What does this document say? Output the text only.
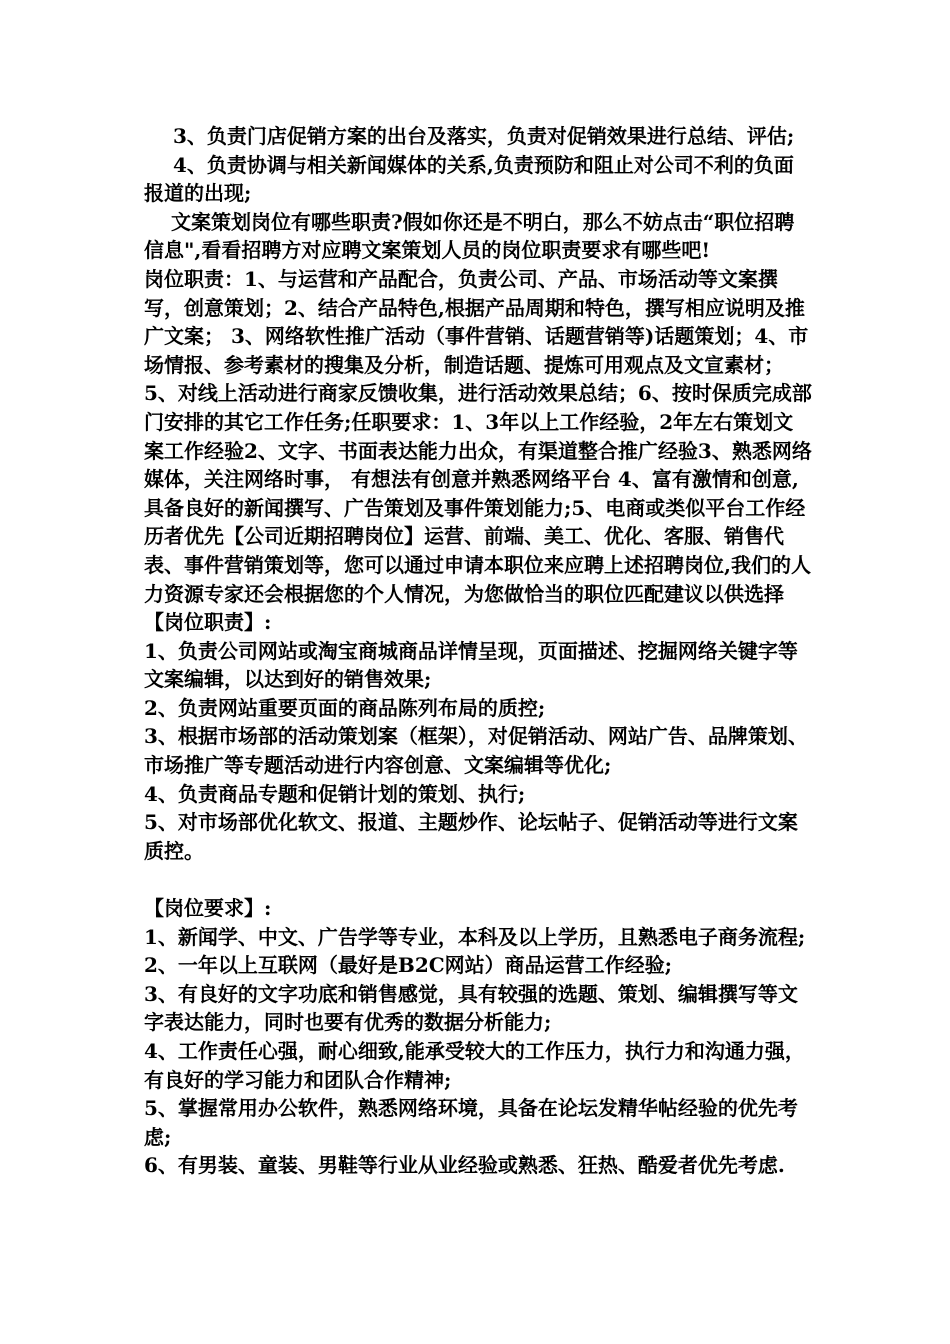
3、负责门店促销方案的出台及落实，负责对促销效果进行总结、评估;

4、负责协调与相关新闻媒体的关系,负责预防和阻止对公司不利的负面报道的出现;

文案策划岗位有哪些职责?假如你还是不明白，那么不妨点击“职位招聘信息",看看招聘方对应聘文案策划人员的岗位职责要求有哪些吧!

岗位职责：1、与运营和产品配合，负责公司、产品、市场活动等文案撰写，创意策划；2、结合产品特色,根据产品周期和特色，撰写相应说明及推广文案； 3、网络软性推广活动（事件营销、话题营销等)话题策划；4、市场情报、参考素材的搜集及分析，制造话题、提炼可用观点及文宣素材；5、对线上活动进行商家反馈收集，进行活动效果总结；6、按时保质完成部门安排的其它工作任务;任职要求：1、3年以上工作经验，2年左右策划文案工作经验2、文字、书面表达能力出众，有渠道整合推广经验3、熟悉网络媒体，关注网络时事， 有想法有创意并熟悉网络平台 4、富有激情和创意,具备良好的新闻撰写、广告策划及事件策划能力;5、电商或类似平台工作经历者优先【公司近期招聘岗位】运营、前端、美工、优化、客服、销售代表、事件营销策划等，您可以通过申请本职位来应聘上述招聘岗位,我们的人力资源专家还会根据您的个人情况，为您做恰当的职位匹配建议以供选择

【岗位职责】:

1、负责公司网站或淘宝商城商品详情呈现，页面描述、挖掘网络关键字等文案编辑，以达到好的销售效果;

2、负责网站重要页面的商品陈列布局的质控;

3、根据市场部的活动策划案（框架），对促销活动、网站广告、品牌策划、市场推广等专题活动进行内容创意、文案编辑等优化;

4、负责商品专题和促销计划的策划、执行;

5、对市场部优化软文、报道、主题炒作、论坛帖子、促销活动等进行文案质控。

【岗位要求】:

1、新闻学、中文、广告学等专业，本科及以上学历，且熟悉电子商务流程;

2、一年以上互联网（最好是B2C网站）商品运营工作经验;

3、有良好的文字功底和销售感觉，具有较强的选题、策划、编辑撰写等文字表达能力，同时也要有优秀的数据分析能力;

4、工作责任心强，耐心细致,能承受较大的工作压力，执行力和沟通力强，有良好的学习能力和团队合作精神;

5、掌握常用办公软件，熟悉网络环境，具备在论坛发精华帖经验的优先考虑;

6、有男装、童装、男鞋等行业从业经验或熟悉、狂热、酷爱者优先考虑.
